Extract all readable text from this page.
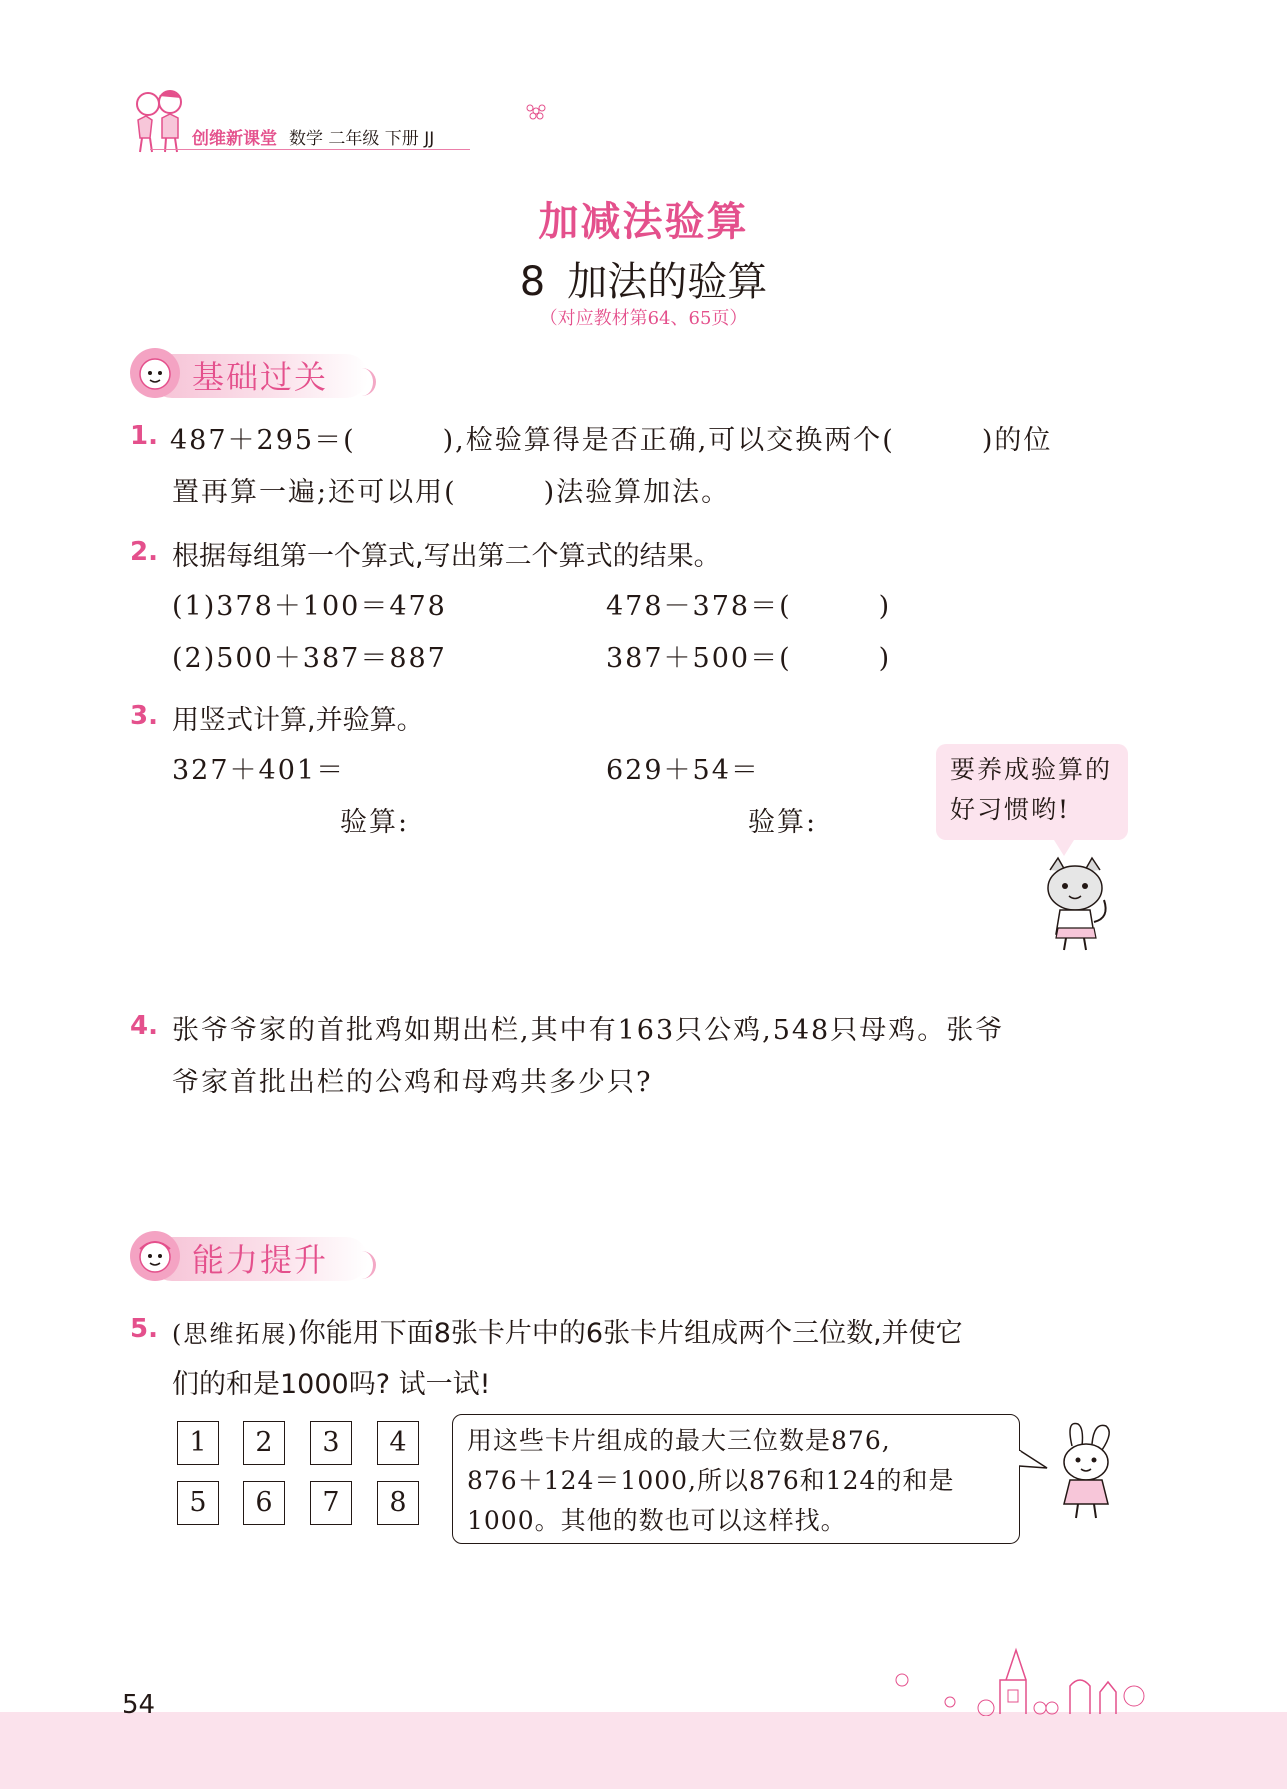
创维新课堂 数学 二年级 下册 JJ
加减法验算
8 加法的验算
（对应教材第64、65页）
基础过关
1. 487＋295＝(　　　),检验算得是否正确,可以交换两个(　　　)的位
置再算一遍;还可以用(　　　)法验算加法。
2. 根据每组第一个算式,写出第二个算式的结果。
(1)378＋100＝478	478－378＝(　　　)
(2)500＋387＝887	387＋500＝(　　　)
3. 用竖式计算,并验算。
327＋401＝	629＋54＝
验算:	验算:
要养成验算的
好习惯哟!
4. 张爷爷家的首批鸡如期出栏,其中有163只公鸡,548只母鸡。张爷
爷家首批出栏的公鸡和母鸡共多少只?
能力提升
5. (思维拓展)你能用下面8张卡片中的6张卡片组成两个三位数,并使它
们的和是1000吗? 试一试!
1	2	3	4
5	6	7	8
用这些卡片组成的最大三位数是876,
876＋124＝1000,所以876和124的和是
1000。其他的数也可以这样找。
54
